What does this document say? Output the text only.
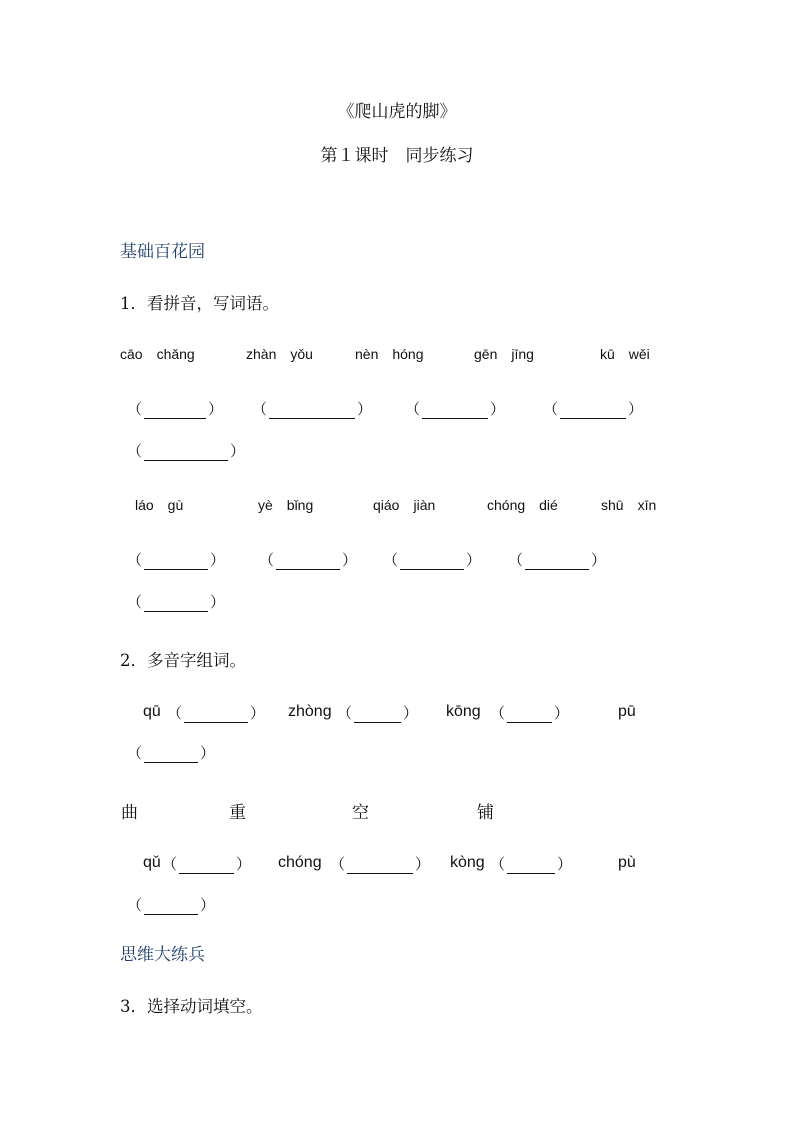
《爬山虎的脚》
第１课时　同步练习
基础百花园
1．看拼音，写词语。
cāo chǎng	zhàn yǒu	nèn hóng	gēn jīng	kū wěi
（	） （	） （	）	（	）
（	）
láo gù	yè bǐng	qiáo jiàn	chóng dié	shū xīn
（	） （	） （	） （	）
（	）
2．多音字组词。
qū （	） zhòng （	） kōng （	）	pū
（	）
曲	重	空	铺
qǔ （	） chóng （	） kòng （	）	pù
（	）
思维大练兵
3．选择动词填空。
